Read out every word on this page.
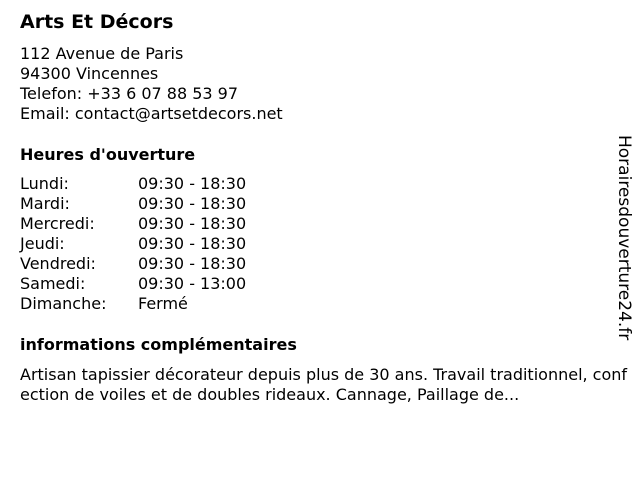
Arts Et Décors
112 Avenue de Paris
94300 Vincennes
Telefon: +33 6 07 88 53 97
Email: contact@artsetdecors.net
Heures d'ouverture
Lundi:	09:30 - 18:30
Mardi:	09:30 - 18:30
Mercredi:	09:30 - 18:30
Jeudi:	09:30 - 18:30
Vendredi:	09:30 - 18:30
Samedi:	09:30 - 13:00
Dimanche:	Fermé
informations complémentaires
Artisan tapissier décorateur depuis plus de 30 ans. Travail traditionnel, confection de voiles et de doubles rideaux. Cannage, Paillage de...
Horairesdouverture24.fr
